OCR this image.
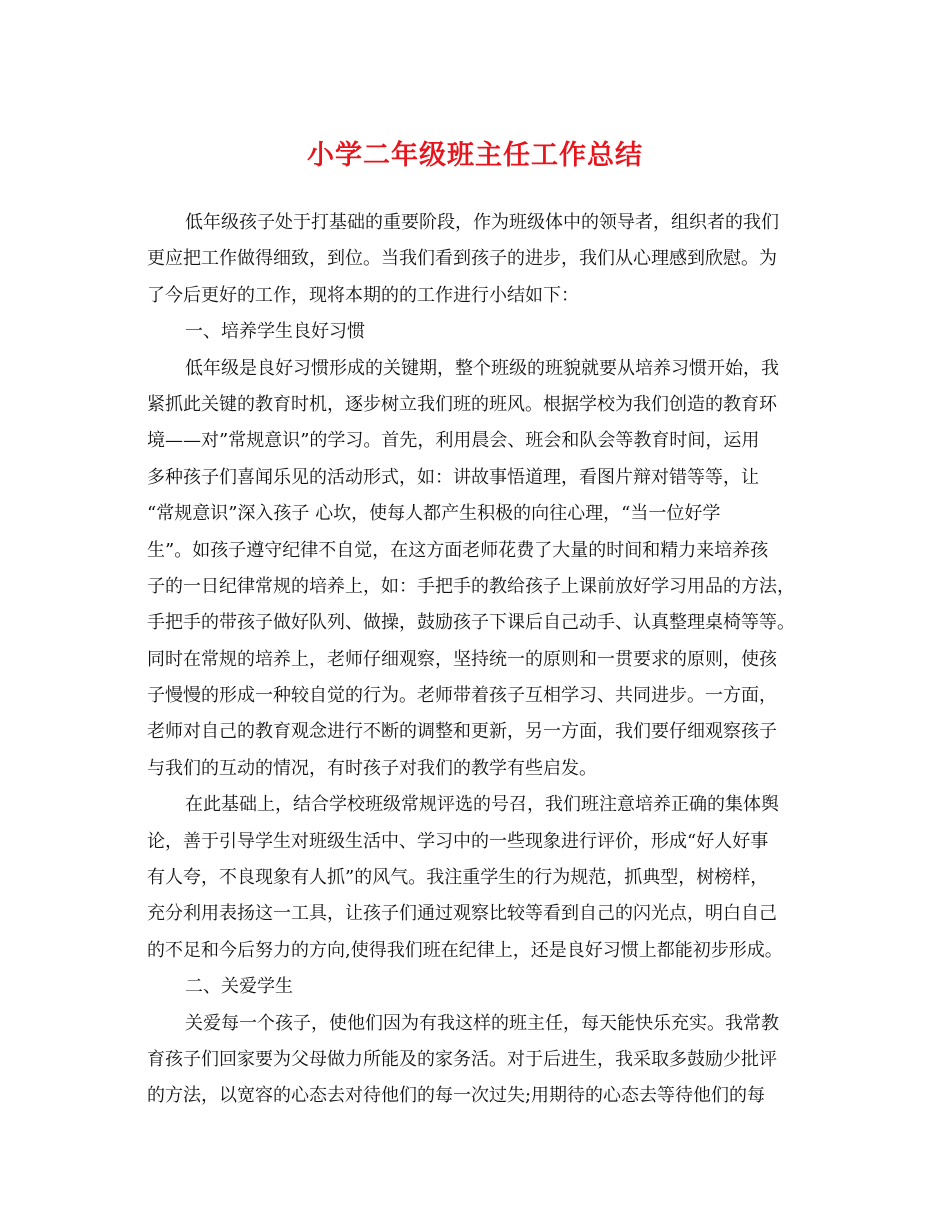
小学二年级班主任工作总结
低年级孩子处于打基础的重要阶段，作为班级体中的领导者，组织者的我们
更应把工作做得细致，到位。当我们看到孩子的进步，我们从心理感到欣慰。为
了今后更好的工作，现将本期的的工作进行小结如下：
一、培养学生良好习惯
低年级是良好习惯形成的关键期，整个班级的班貌就要从培养习惯开始，我
紧抓此关键的教育时机，逐步树立我们班的班风。根据学校为我们创造的教育环
境——对”常规意识”的学习。首先，利用晨会、班会和队会等教育时间，运用
多种孩子们喜闻乐见的活动形式，如：讲故事悟道理，看图片辩对错等等，让
“常规意识”深入孩子 心坎，使每人都产生积极的向往心理，“当一位好学
生”。如孩子遵守纪律不自觉，在这方面老师花费了大量的时间和精力来培养孩
子的一日纪律常规的培养上，如：手把手的教给孩子上课前放好学习用品的方法，
手把手的带孩子做好队列、做操，鼓励孩子下课后自己动手、认真整理桌椅等等。
同时在常规的培养上，老师仔细观察，坚持统一的原则和一贯要求的原则，使孩
子慢慢的形成一种较自觉的行为。老师带着孩子互相学习、共同进步。一方面，
老师对自己的教育观念进行不断的调整和更新，另一方面，我们要仔细观察孩子
与我们的互动的情况，有时孩子对我们的教学有些启发。
在此基础上，结合学校班级常规评选的号召，我们班注意培养正确的集体舆
论，善于引导学生对班级生活中、学习中的一些现象进行评价，形成“好人好事
有人夸，不良现象有人抓”的风气。我注重学生的行为规范，抓典型，树榜样，
充分利用表扬这一工具，让孩子们通过观察比较等看到自己的闪光点，明白自己
的不足和今后努力的方向,使得我们班在纪律上，还是良好习惯上都能初步形成。
二、关爱学生
关爱每一个孩子，使他们因为有我这样的班主任，每天能快乐充实。我常教
育孩子们回家要为父母做力所能及的家务活。对于后进生，我采取多鼓励少批评
的方法，以宽容的心态去对待他们的每一次过失;用期待的心态去等待他们的每
